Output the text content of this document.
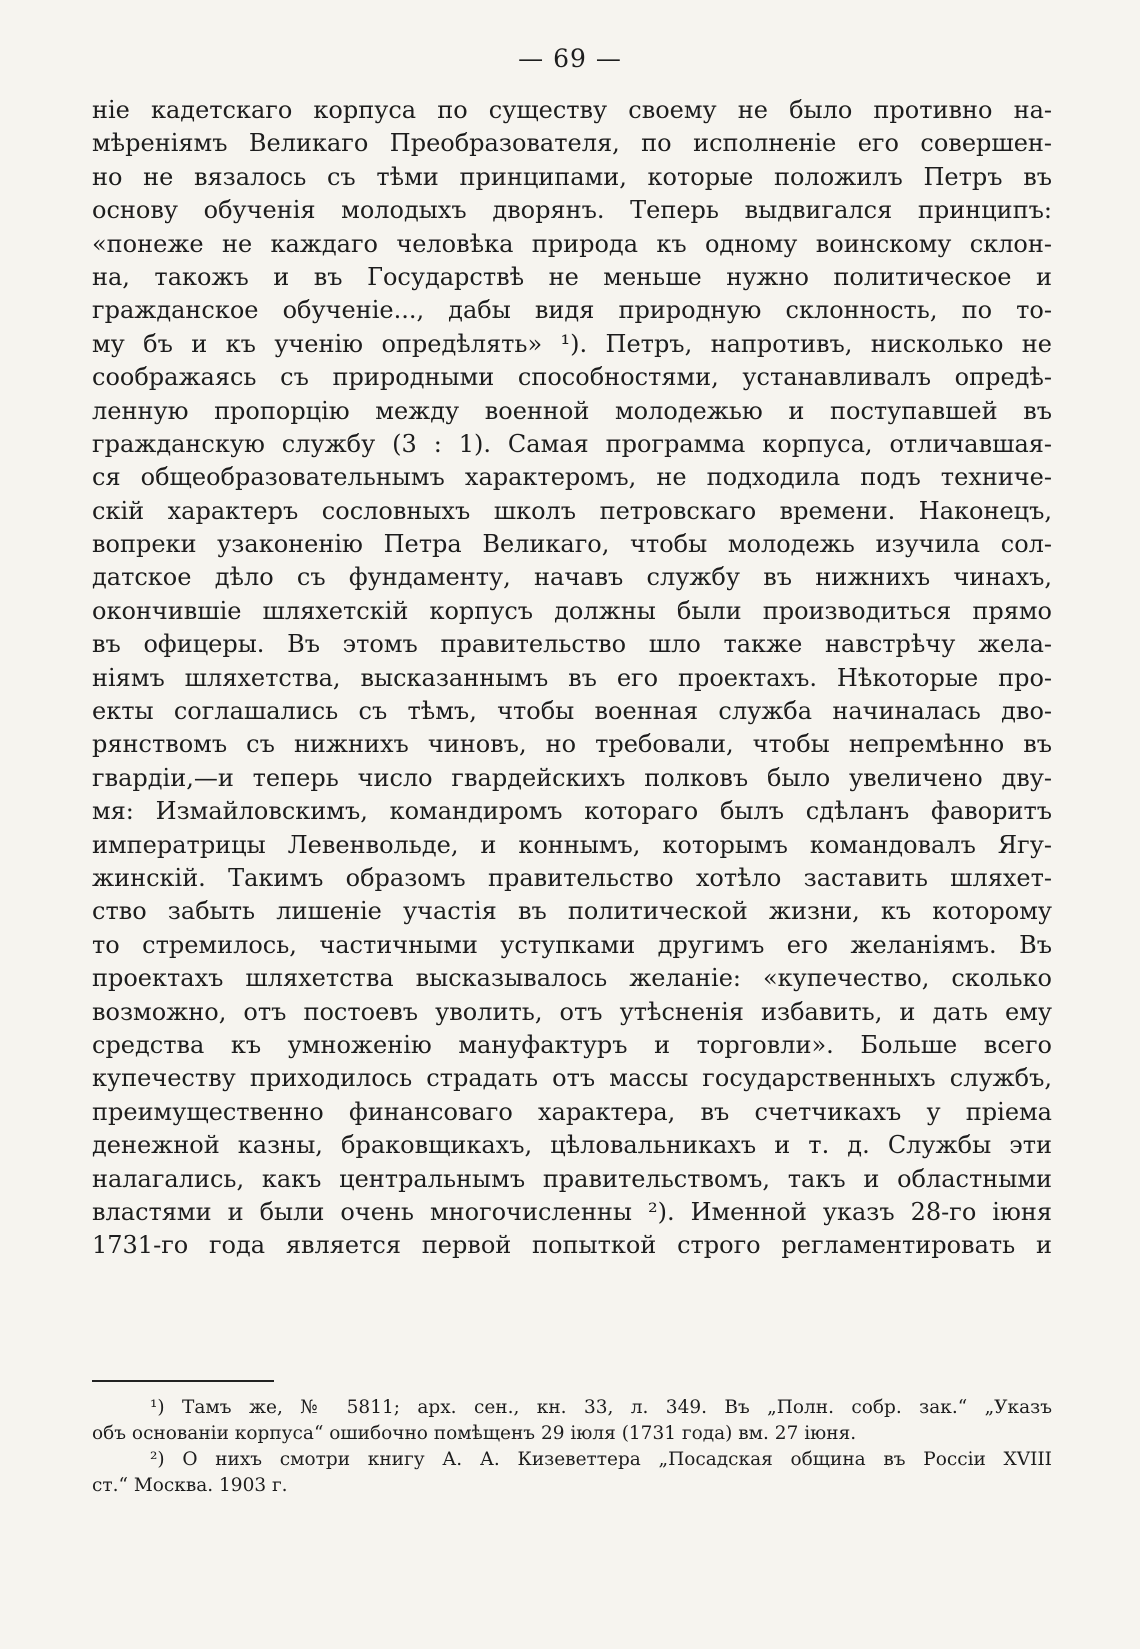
— 69 —
ніе кадетскаго корпуса по существу своему не было противно на-
мѣреніямъ Великаго Преобразователя, по исполненіе его совершен-
но не вязалось съ тѣми принципами, которые положилъ Петръ въ
основу обученія молодыхъ дворянъ. Теперь выдвигался принципъ:
«понеже не каждаго человѣка природа къ одному воинскому склон-
на, такожъ и въ Государствѣ не меньше нужно политическое и
гражданское обученіе..., дабы видя природную склонность, по то-
му бъ и къ ученію опредѣлять» ¹). Петръ, напротивъ, нисколько не
соображаясь съ природными способностями, устанавливалъ опредѣ-
ленную пропорцію между военной молодежью и поступавшей въ
гражданскую службу (3 : 1). Самая программа корпуса, отличавшая-
ся общеобразовательнымъ характеромъ, не подходила подъ техниче-
скій характеръ сословныхъ школъ петровскаго времени. Наконецъ,
вопреки узаконенію Петра Великаго, чтобы молодежь изучила сол-
датское дѣло съ фундаменту, начавъ службу въ нижнихъ чинахъ,
окончившіе шляхетскій корпусъ должны были производиться прямо
въ офицеры. Въ этомъ правительство шло также навстрѣчу жела-
ніямъ шляхетства, высказаннымъ въ его проектахъ. Нѣкоторые про-
екты соглашались съ тѣмъ, чтобы военная служба начиналась дво-
рянствомъ съ нижнихъ чиновъ, но требовали, чтобы непремѣнно въ
гвардіи,—и теперь число гвардейскихъ полковъ было увеличено дву-
мя: Измайловскимъ, командиромъ котораго былъ сдѣланъ фаворитъ
императрицы Левенвольде, и коннымъ, которымъ командовалъ Ягу-
жинскій. Такимъ образомъ правительство хотѣло заставить шляхет-
ство забыть лишеніе участія въ политической жизни, къ которому
то стремилось, частичными уступками другимъ его желаніямъ. Въ
проектахъ шляхетства высказывалось желаніе: «купечество, сколько
возможно, отъ постоевъ уволить, отъ утѣсненія избавить, и дать ему
средства къ умноженію мануфактуръ и торговли». Больше всего
купечеству приходилось страдать отъ массы государственныхъ службъ,
преимущественно финансоваго характера, въ счетчикахъ у пріема
денежной казны, браковщикахъ, цѣловальникахъ и т. д. Службы эти
налагались, какъ центральнымъ правительствомъ, такъ и областными
властями и были очень многочисленны ²). Именной указъ 28-го іюня
1731-го года является первой попыткой строго регламентировать и
¹) Тамъ же, № 5811; арх. сен., кн. 33, л. 349. Въ „Полн. собр. зак.“ „Указъ
объ основаніи корпуса“ ошибочно помѣщенъ 29 іюля (1731 года) вм. 27 іюня.
²) О нихъ смотри книгу А. А. Кизеветтера „Посадская община въ Россіи XVIII
ст.“ Москва. 1903 г.
